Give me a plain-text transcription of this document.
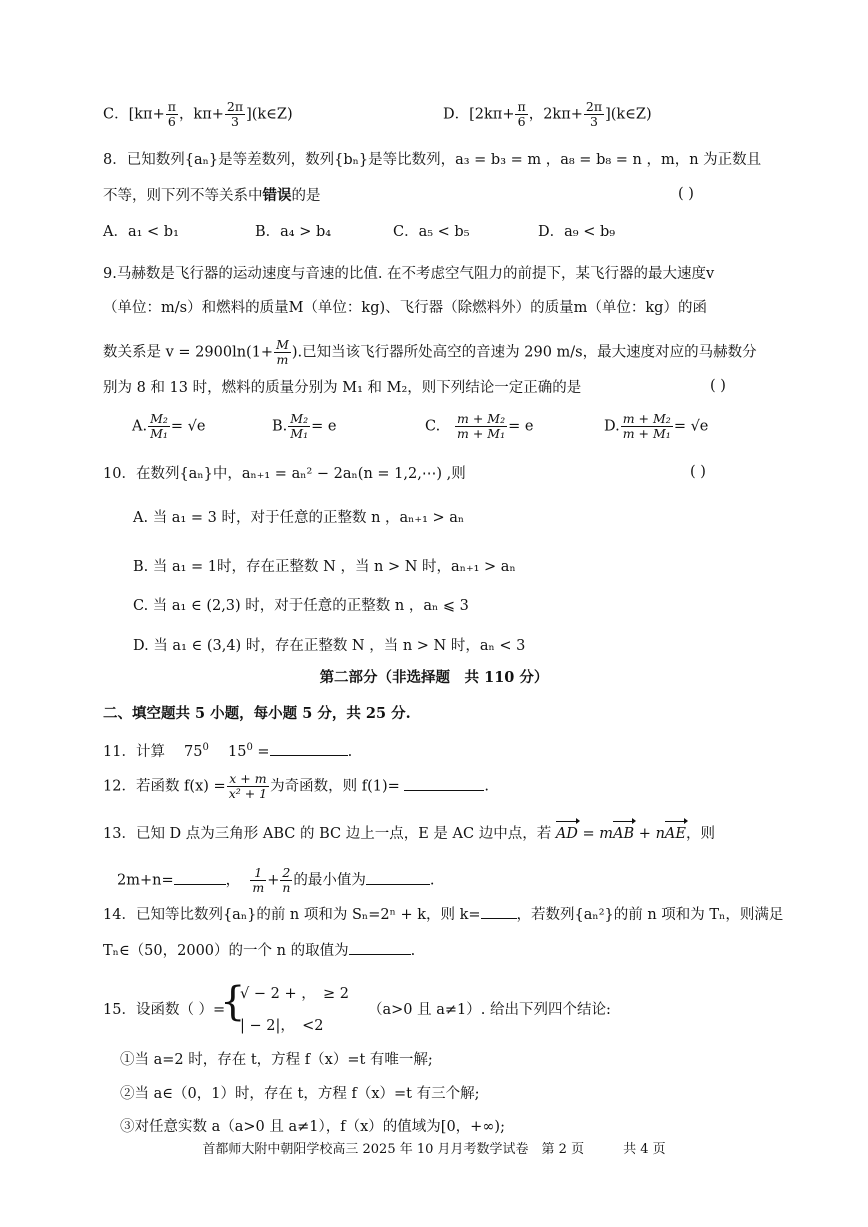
C．[$k\pi+ \frac{\pi}{6}$ ，$k\pi+ \frac{2\pi}{3}$ ](k∈Z)	D．[$2k\pi+ \frac{\pi}{6}$ ，$2k\pi+ \frac{2\pi}{3}$ ](k∈Z)
8．已知数列{aₙ}是等差数列，数列{bₙ}是等比数列，a₃ = b₃ = m ，a₈ = b₈ = n ，m，n 为正数且
不等，则下列不等关系中错误的是	( )
A．a₁ < b₁	B．a₄ > b₄	C．a₅ < b₅	D．a₉ < b₉
9.马赫数是飞行器的运动速度与音速的比值. 在不考虑空气阻力的前提下，某飞行器的最大速度v
（单位：m/s）和燃料的质量M（单位：kg)、飞行器（除燃料外）的质量m（单位：kg）的函
数关系是 $v = 2900\ln(1+ \frac{M}{m}$ ).已知当该飞行器所处高空的音速为 290 m/s，最大速度对应的马赫数分
别为 8 和 13 时，燃料的质量分别为 M₁ 和 M₂，则下列结论一定正确的是	( )
A. $\frac{\text{M₂}}{\text{M₁}} = √e$	B. $\frac{\text{M₂}}{\text{M₁}} = e$	C. $\frac{\text{m + M₂}}{\text{m + M₁}} = e$	D. $\frac{\text{m + M₂}}{\text{m + M₁}} = √e$
10．在数列{aₙ}中，aₙ₊₁ = aₙ² − 2aₙ(n = 1,2,⋯) ,则	( )
A. 当 a₁ = 3 时，对于任意的正整数 n ，aₙ₊₁ > aₙ
B. 当 a₁ = 1时，存在正整数 N ，当 n > N 时，aₙ₊₁ > aₙ
C. 当 a₁ ∈ (2,3) 时，对于任意的正整数 n ，aₙ ⩽ 3
D. 当 a₁ ∈ (3,4) 时，存在正整数 N ，当 n > N 时，aₙ < 3
第二部分（非选择题　共 110 分）
二、填空题共 5 小题，每小题 5 分，共 25 分.
11．计算　 $75^0$　 $15^0$ =	.
12．若函数 $f(x) = \frac{x + m}{\text{x² + 1}}$ 为奇函数，则 f(1)=	.
13．已知 D 点为三角形 ABC 的 BC 边上一点，E 是 AC 边中点，若 AD = mAB + nAE，则
2m+n=	， $\frac{1}{m} + \frac{2}{n}$ 的最小值为	.
14．已知等比数列{aₙ}的前 n 项和为 Sₙ=2ⁿ + k，则 k= ，若数列{aₙ²}的前 n 项和为 Tₙ，则满足
Tₙ∈（50，2000）的一个 n 的取值为	.
15．设函数（ ）=
{
√ − 2 + ，　≥ 2
| − 2|，　<2
（a>0 且 a≠1）. 给出下列四个结论:
①当 a=2 时，存在 t，方程 f（x）=t 有唯一解;
②当 a∈（0，1）时，存在 t，方程 f（x）=t 有三个解;
③对任意实数 a（a>0 且 a≠1），f（x）的值域为[0，+∞);
首都师大附中朝阳学校高三 2025 年 10 月月考数学试卷　第 2 页　　　共 4 页
